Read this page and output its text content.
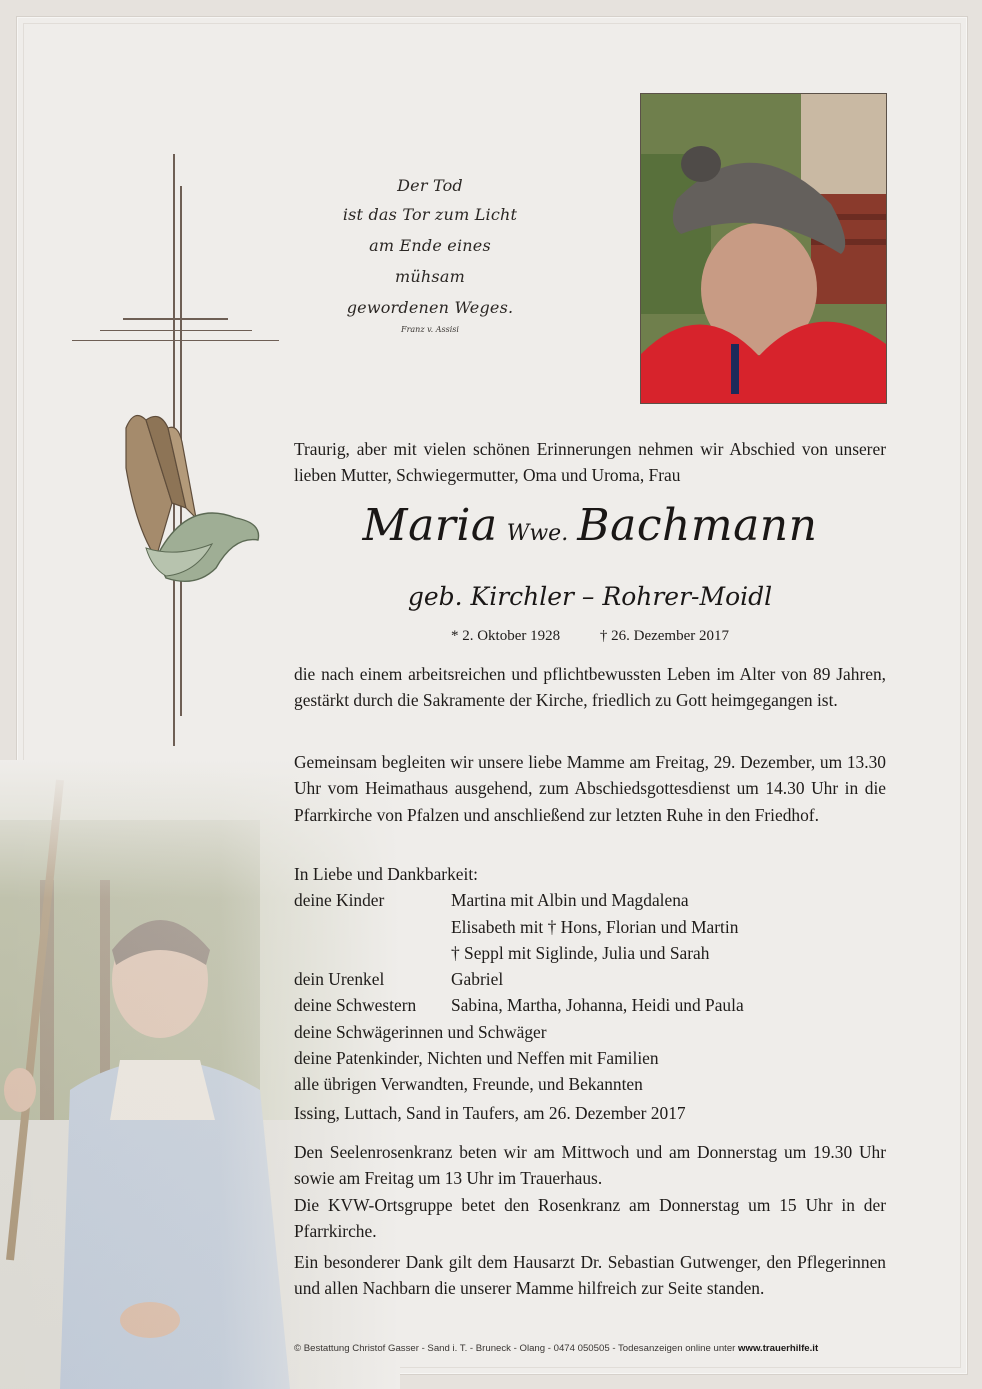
Der Tod
ist das Tor zum Licht
am Ende eines mühsam
gewordenen Weges.
Franz v. Assisi
Traurig, aber mit vielen schönen Erinnerungen nehmen wir Abschied von unserer lieben Mutter, Schwiegermutter, Oma und Uroma, Frau
Maria Wwe. Bachmann
geb. Kirchler – Rohrer-Moidl
* 2. Oktober 1928	† 26. Dezember 2017
die nach einem arbeitsreichen und pflichtbewussten Leben im Alter von 89 Jahren, gestärkt durch die Sakramente der Kirche, friedlich zu Gott heimgegangen ist.
Gemeinsam begleiten wir unsere liebe Mamme am Freitag, 29. Dezember, um 13.30 Uhr vom Heimathaus ausgehend, zum Abschiedsgottesdienst um 14.30 Uhr in die Pfarrkirche von Pfalzen und anschließend zur letzten Ruhe in den Friedhof.
In Liebe und Dankbarkeit:
deine Kinder	Martina mit Albin und Magdalena
Elisabeth mit † Hons, Florian und Martin
† Seppl mit Siglinde, Julia und Sarah
dein Urenkel	Gabriel
deine Schwestern	Sabina, Martha, Johanna, Heidi und Paula
deine Schwägerinnen und Schwäger
deine Patenkinder, Nichten und Neffen mit Familien
alle übrigen Verwandten, Freunde, und Bekannten
Issing, Luttach, Sand in Taufers, am 26. Dezember 2017
Den Seelenrosenkranz beten wir am Mittwoch und am Donnerstag um 19.30 Uhr sowie am Freitag um 13 Uhr im Trauerhaus.
Die KVW-Ortsgruppe betet den Rosenkranz am Donnerstag um 15 Uhr in der Pfarrkirche.
Ein besonderer Dank gilt dem Hausarzt Dr. Sebastian Gutwenger, den Pflegerinnen und allen Nachbarn die unserer Mamme hilfreich zur Seite standen.
© Bestattung Christof Gasser - Sand i. T. - Bruneck - Olang - 0474 050505 - Todesanzeigen online unter www.trauerhilfe.it
